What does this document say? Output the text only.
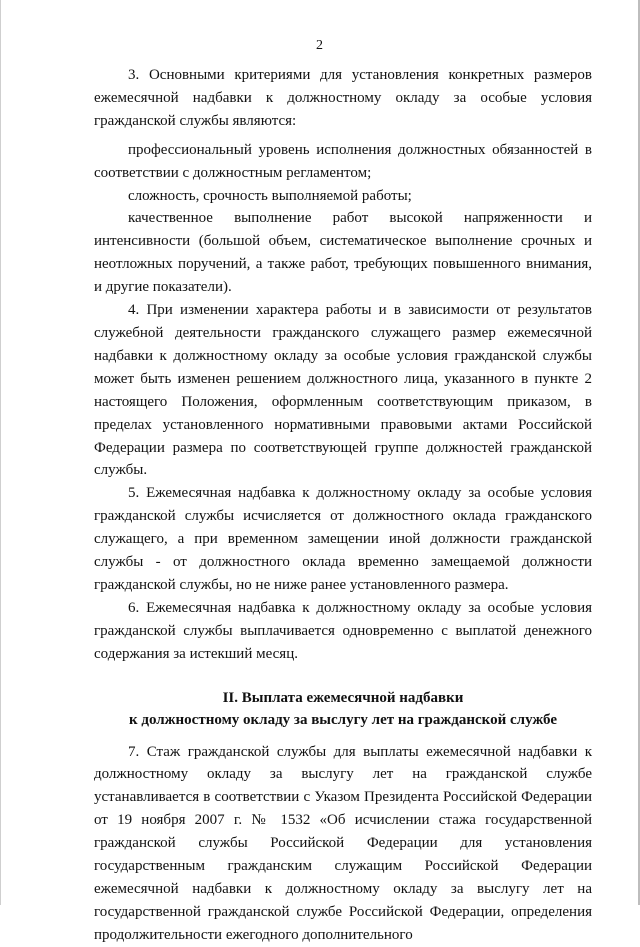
2

3. Основными критериями для установления конкретных размеров ежемесячной надбавки к должностному окладу за особые условия гражданской службы являются:

профессиональный уровень исполнения должностных обязанностей в соответствии с должностным регламентом;

сложность, срочность выполняемой работы;

качественное выполнение работ высокой напряженности и интенсивности (большой объем, систематическое выполнение срочных и неотложных поручений, а также работ, требующих повышенного внимания, и другие показатели).

4. При изменении характера работы и в зависимости от результатов служебной деятельности гражданского служащего размер ежемесячной надбавки к должностному окладу за особые условия гражданской службы может быть изменен решением должностного лица, указанного в пункте 2 настоящего Положения, оформленным соответствующим приказом, в пределах установленного нормативными правовыми актами Российской Федерации размера по соответствующей группе должностей гражданской службы.

5. Ежемесячная надбавка к должностному окладу за особые условия гражданской службы исчисляется от должностного оклада гражданского служащего, а при временном замещении иной должности гражданской службы - от должностного оклада временно замещаемой должности гражданской службы, но не ниже ранее установленного размера.

6. Ежемесячная надбавка к должностному окладу за особые условия гражданской службы выплачивается одновременно с выплатой денежного содержания за истекший месяц.

II. Выплата ежемесячной надбавки
к должностному окладу за выслугу лет на гражданской службе

7. Стаж гражданской службы для выплаты ежемесячной надбавки к должностному окладу за выслугу лет на гражданской службе устанавливается в соответствии с Указом Президента Российской Федерации от 19 ноября 2007 г. № 1532 «Об исчислении стажа государственной гражданской службы Российской Федерации для установления государственным гражданским служащим Российской Федерации ежемесячной надбавки к должностному окладу за выслугу лет на государственной гражданской службе Российской Федерации, определения продолжительности ежегодного дополнительного
